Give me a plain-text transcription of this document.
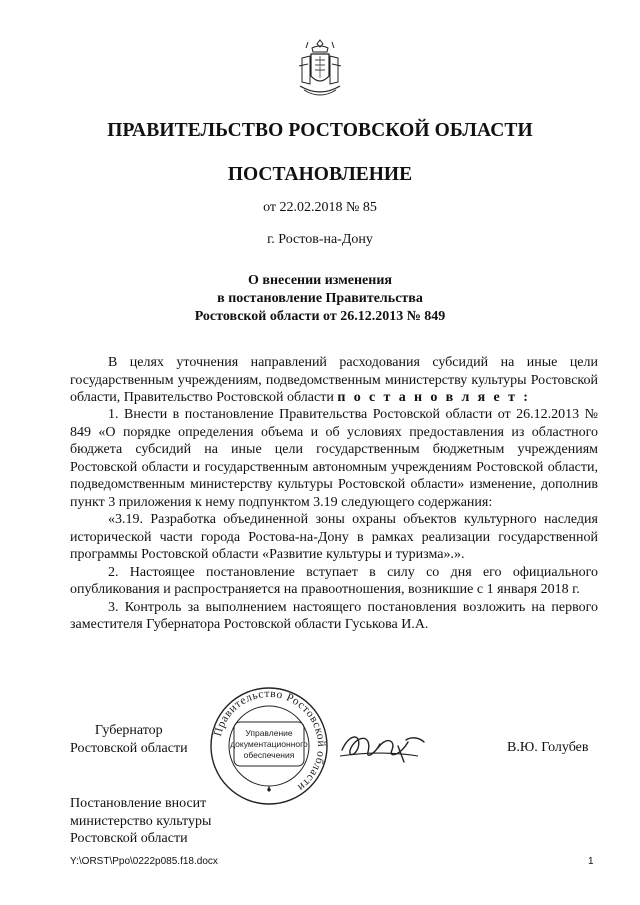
ПРАВИТЕЛЬСТВО РОСТОВСКОЙ ОБЛАСТИ
ПОСТАНОВЛЕНИЕ
от 22.02.2018 № 85
г. Ростов-на-Дону
О внесении изменения
в постановление Правительства
Ростовской области от 26.12.2013 № 849

В целях уточнения направлений расходования субсидий на иные цели государственным учреждениям, подведомственным министерству культуры Ростовской области, Правительство Ростовской области п о с т а н о в л я е т :

1. Внести в постановление Правительства Ростовской области от 26.12.2013 № 849 «О порядке определения объема и об условиях предоставления из областного бюджета субсидий на иные цели государственным бюджетным учреждениям Ростовской области и государственным автономным учреждениям Ростовской области, подведомственным министерству культуры Ростовской области» изменение, дополнив пункт 3 приложения к нему подпунктом 3.19 следующего содержания:

«3.19. Разработка объединенной зоны охраны объектов культурного наследия исторической части города Ростова-на-Дону в рамках реализации государственной программы Ростовской области «Развитие культуры и туризма».».

2. Настоящее постановление вступает в силу со дня его официального опубликования и распространяется на правоотношения, возникшие с 1 января 2018 г.

3. Контроль за выполнением настоящего постановления возложить на первого заместителя Губернатора Ростовской области Гуськова И.А.

Губернатор
Ростовской области
Правительство Ростовской области
Управление
документационного
обеспечения	В.Ю. Голубев
Постановление вносит
министерство культуры
Ростовской области
Y:\ORST\Ppo\0222p085.f18.docx	1
